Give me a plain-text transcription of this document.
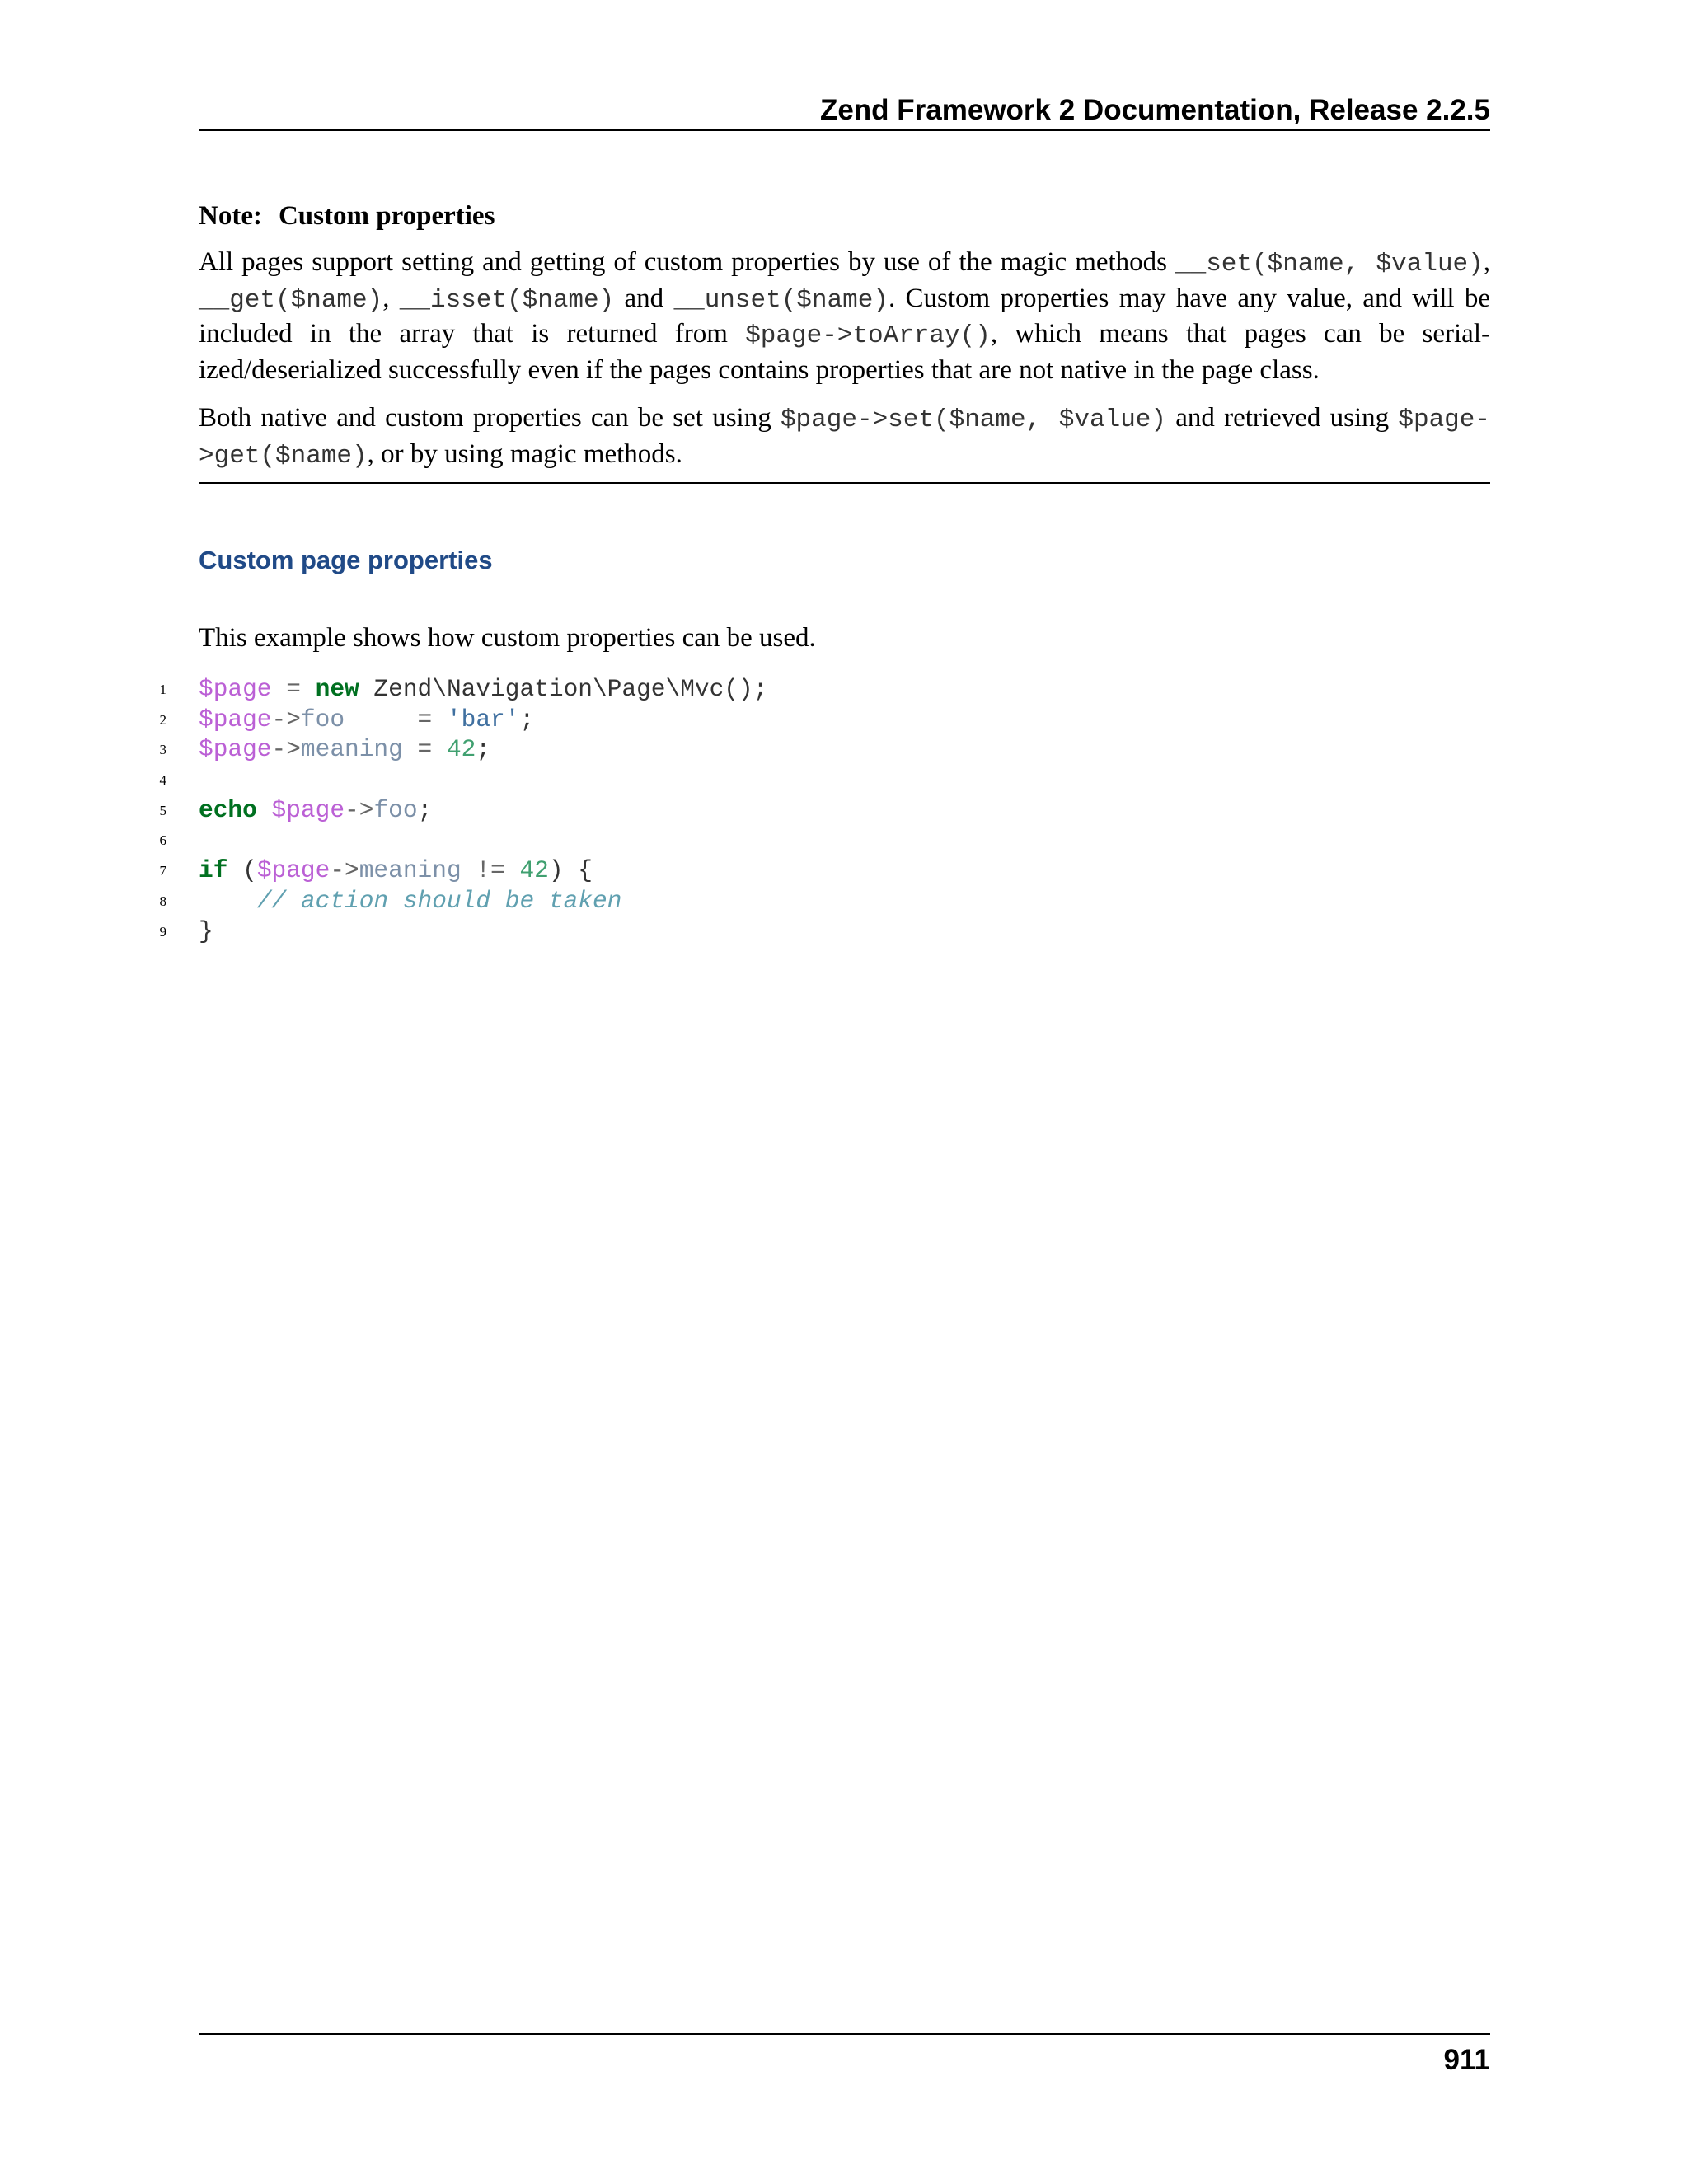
Zend Framework 2 Documentation, Release 2.2.5
Note: Custom properties

All pages support setting and getting of custom properties by use of the magic methods __set($name, $value), __get($name), __isset($name) and __unset($name). Custom properties may have any value, and will be included in the array that is returned from $page->toArray(), which means that pages can be serial-ized/deserialized successfully even if the pages contains properties that are not native in the page class.

Both native and custom properties can be set using $page->set($name, $value) and retrieved using $page->get($name), or by using magic methods.

Custom page properties
This example shows how custom properties can be used.
1 $page = new Zend\Navigation\Page\Mvc();
2 $page->foo     = 'bar';
3 $page->meaning = 42;
4
5 echo $page->foo;
6
7 if ($page->meaning != 42) {
8	// action should be taken
9 }
911
